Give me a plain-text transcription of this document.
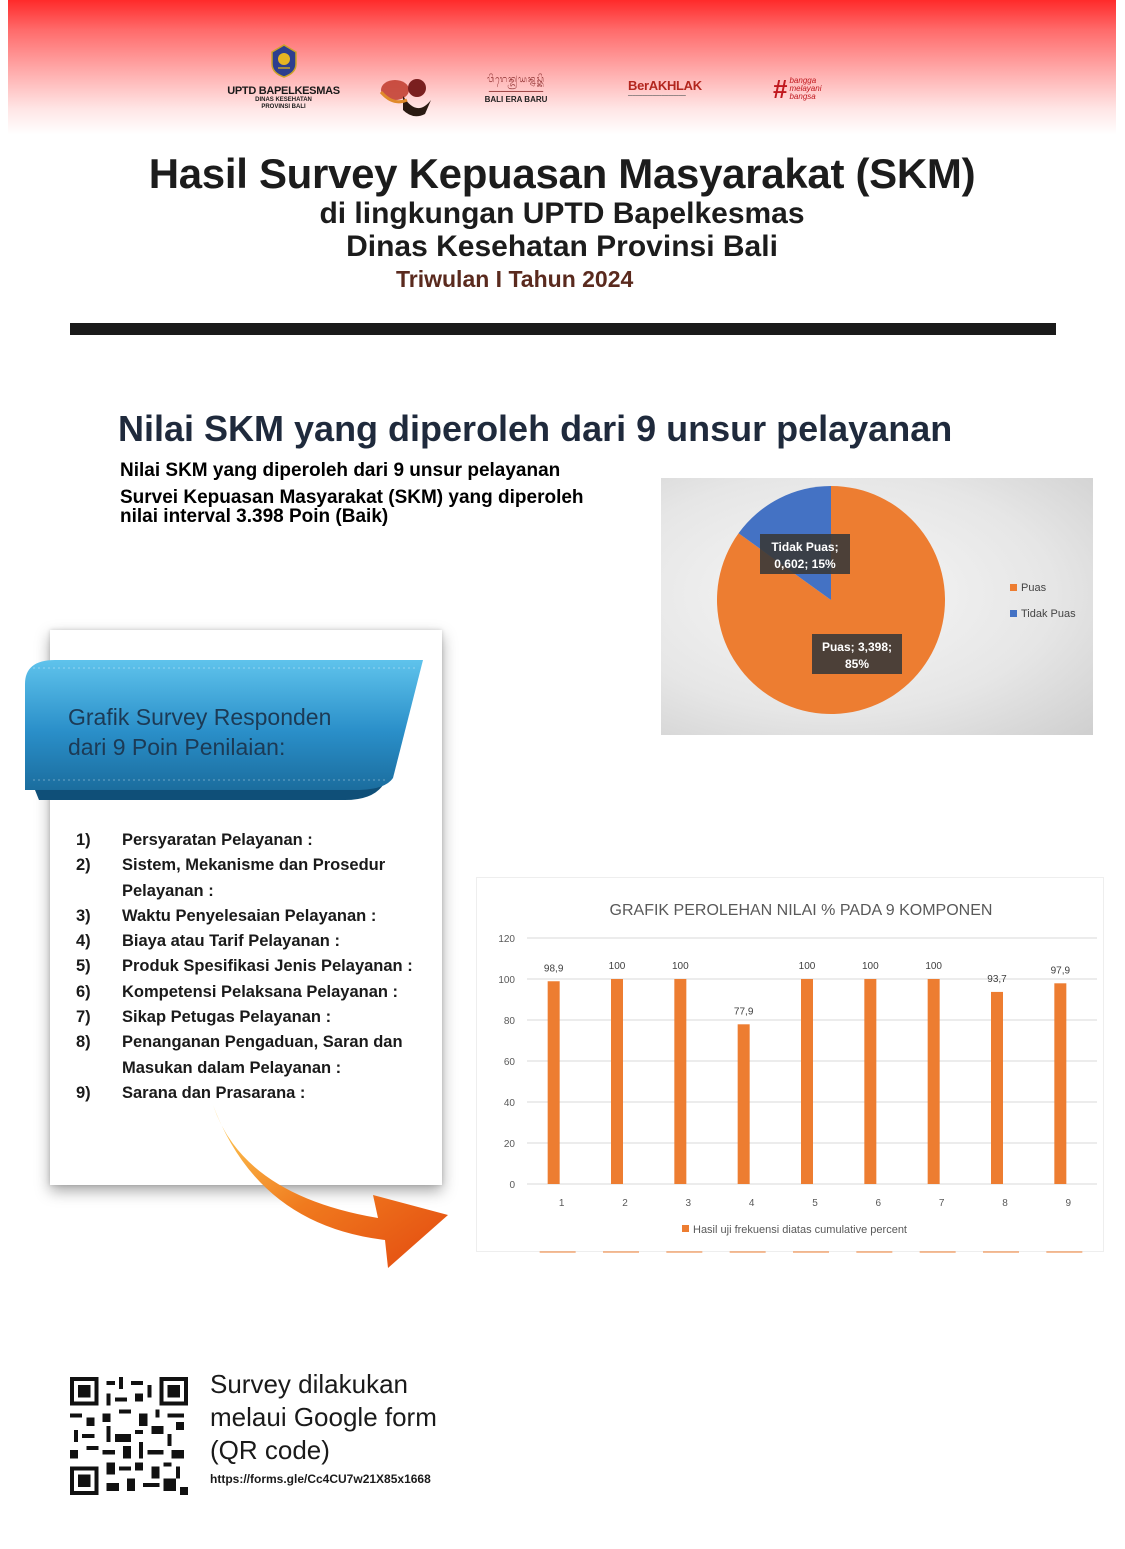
UPTD BAPELKESMAS
DINAS KESEHATAN
PROVINSI BALI
ᬯᬶᬭᬾᬦ᭄ᬤ᭄ᬭᬬᬦ᭄ᬦᬲ᭄ᬓᬶ
━━━━━━━━━━━━━━━━━━
BALI ERA BARU
BerAKHLAK
━━━━━━━━━━━━━━━━━━━━━━━━	# bangga
melayani
bangsa
Hasil Survey Kepuasan Masyarakat (SKM)
di lingkungan UPTD Bapelkesmas
Dinas Kesehatan Provinsi Bali
Triwulan I Tahun 2024
Nilai SKM yang diperoleh dari 9 unsur pelayanan
Nilai SKM yang diperoleh dari 9 unsur pelayanan
Survei Kepuasan Masyarakat (SKM) yang diperoleh nilai interval 3.398 Poin (Baik)
Puas; 3,398;
85%
Tidak Puas;
0,602; 15%
Puas
Tidak Puas
Grafik Survey Responden
dari 9 Poin Penilaian:
1)	Persyaratan Pelayanan :
2)	Sistem, Mekanisme dan Prosedur Pelayanan :
3)	Waktu Penyelesaian Pelayanan :
4)	Biaya atau Tarif Pelayanan :
5)	Produk Spesifikasi Jenis Pelayanan :
6)	Kompetensi Pelaksana Pelayanan :
7)	Sikap Petugas Pelayanan :
8)	Penanganan Pengaduan, Saran dan Masukan dalam Pelayanan :
9)	Sarana dan Prasarana :
GRAFIK PEROLEHAN NILAI % PADA 9 KOMPONEN
0
20
40
60
80
100
120
98,9
1
100
2
100
3
77,9
4
100
5
100
6
100
7
93,7
8
97,9
9
Hasil uji frekuensi diatas cumulative percent
Survey dilakukan melaui Google form (QR code)
https://forms.gle/Cc4CU7w21X85x1668
